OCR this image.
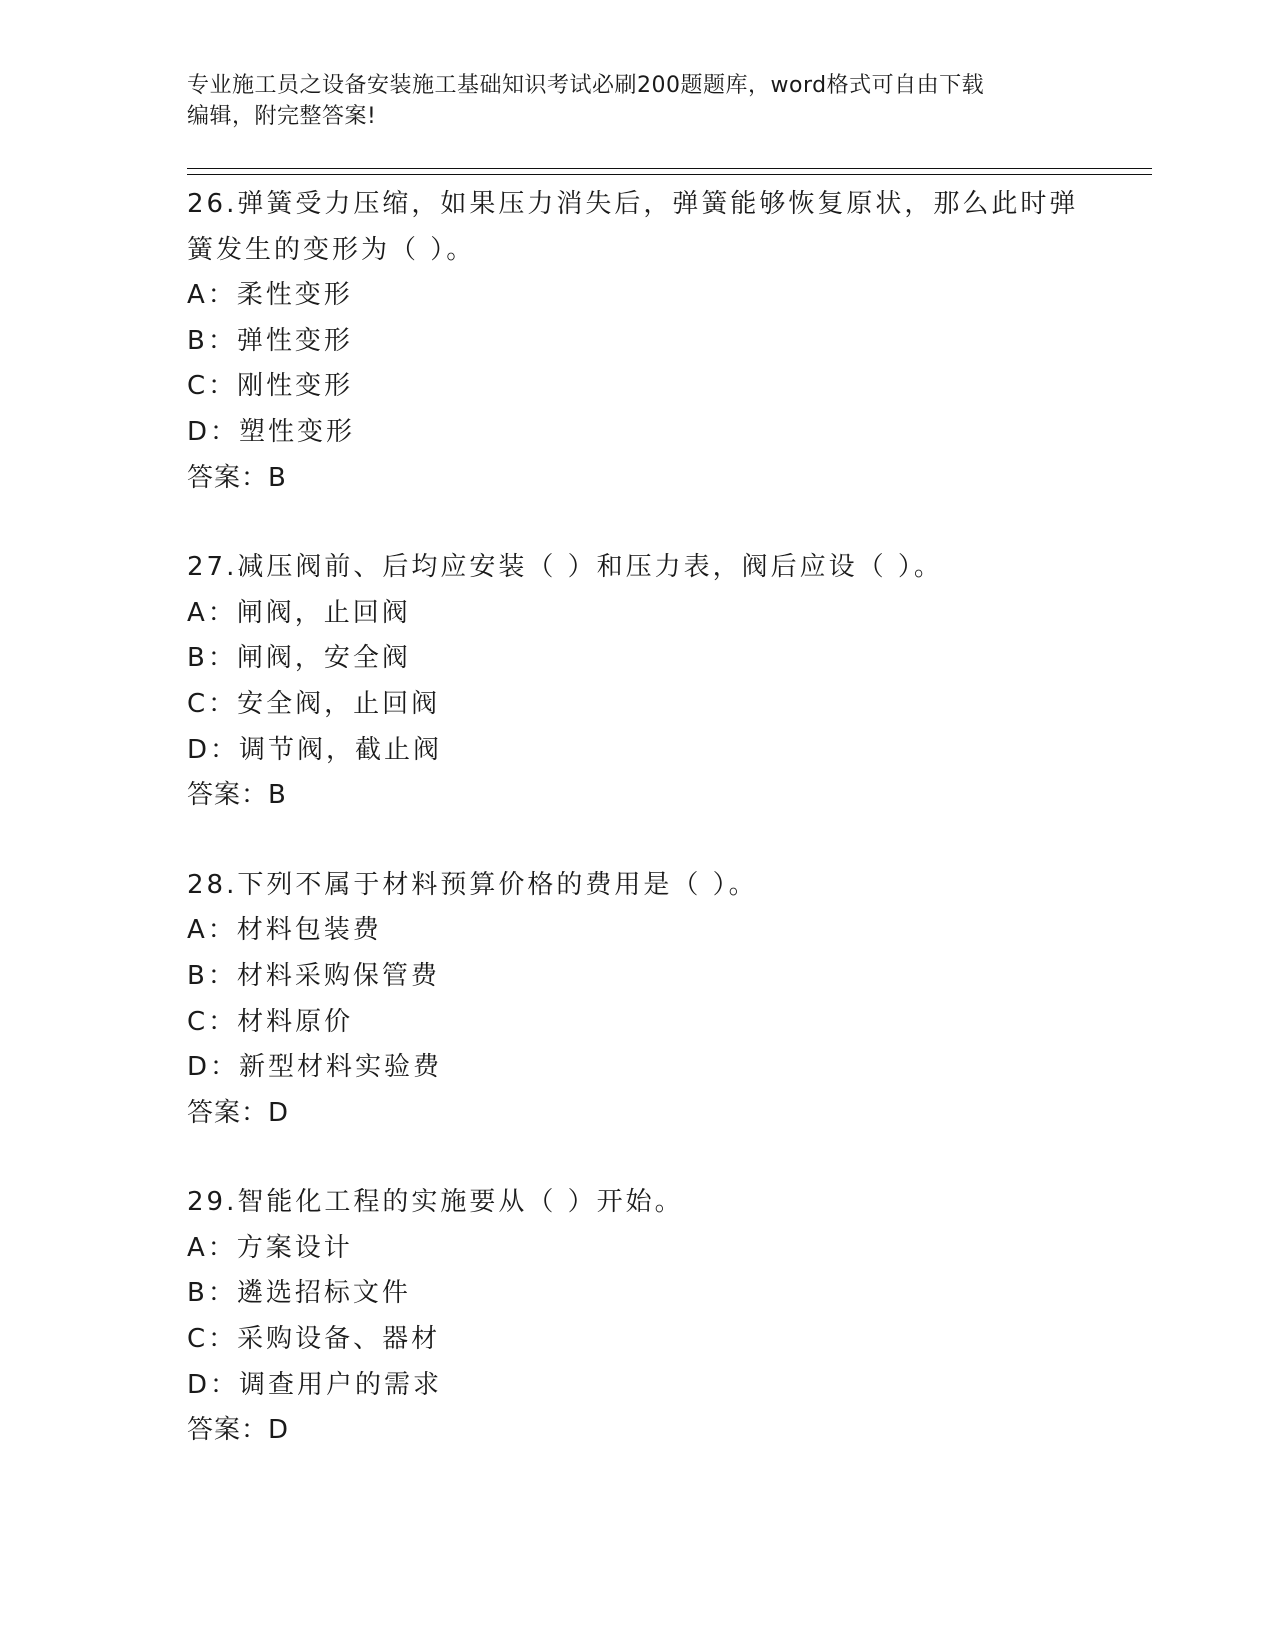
专业施工员之设备安装施工基础知识考试必刷200题题库，word格式可自由下载

编辑，附完整答案!

26.弹簧受力压缩，如果压力消失后，弹簧能够恢复原状，那么此时弹簧发生的变形为（ ）。
A：柔性变形
B：弹性变形
C：刚性变形
D：塑性变形
答案：B
27.减压阀前、后均应安装（ ）和压力表，阀后应设（ ）。
A：闸阀，止回阀
B：闸阀，安全阀
C：安全阀，止回阀
D：调节阀，截止阀
答案：B
28.下列不属于材料预算价格的费用是（ ）。
A：材料包装费
B：材料采购保管费
C：材料原价
D：新型材料实验费
答案：D
29.智能化工程的实施要从（ ）开始。
A：方案设计
B：遴选招标文件
C：采购设备、器材
D：调查用户的需求
答案：D
